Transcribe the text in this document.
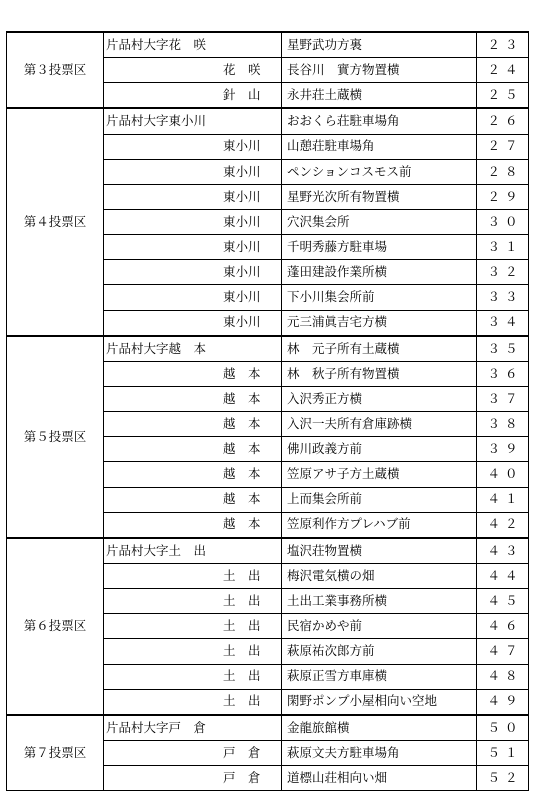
第３投票区	片品村大字花　咲	星野武功方裏	２３
	花　咲	長谷川　實方物置横	２４
	針　山	永井荘土蔵横	２５
第４投票区	片品村大字東小川	おおくら荘駐車場角	２６
	東小川	山憩荘駐車場角	２７
	東小川	ペンションコスモス前	２８
	東小川	星野光次所有物置横	２９
	東小川	穴沢集会所	３０
	東小川	千明秀藤方駐車場	３１
	東小川	蓬田建設作業所横	３２
	東小川	下小川集会所前	３３
	東小川	元三浦眞吉宅方横	３４
第５投票区	片品村大字越　本	林　元子所有土蔵横	３５
	越　本	林　秋子所有物置横	３６
	越　本	入沢秀正方横	３７
	越　本	入沢一夫所有倉庫跡横	３８
	越　本	佛川政義方前	３９
	越　本	笠原アサ子方土蔵横	４０
	越　本	上而集会所前	４１
	越　本	笠原利作方プレハブ前	４２
第６投票区	片品村大字土　出	塩沢荘物置横	４３
	土　出	梅沢電気横の畑	４４
	土　出	土出工業事務所横	４５
	土　出	民宿かめや前	４６
	土　出	萩原祐次郎方前	４７
	土　出	萩原正雪方車庫横	４８
	土　出	閑野ポンプ小屋相向い空地	４９
第７投票区	片品村大字戸　倉	金龍旅館横	５０
	戸　倉	萩原文夫方駐車場角	５１
	戸　倉	道標山荘相向い畑	５２
